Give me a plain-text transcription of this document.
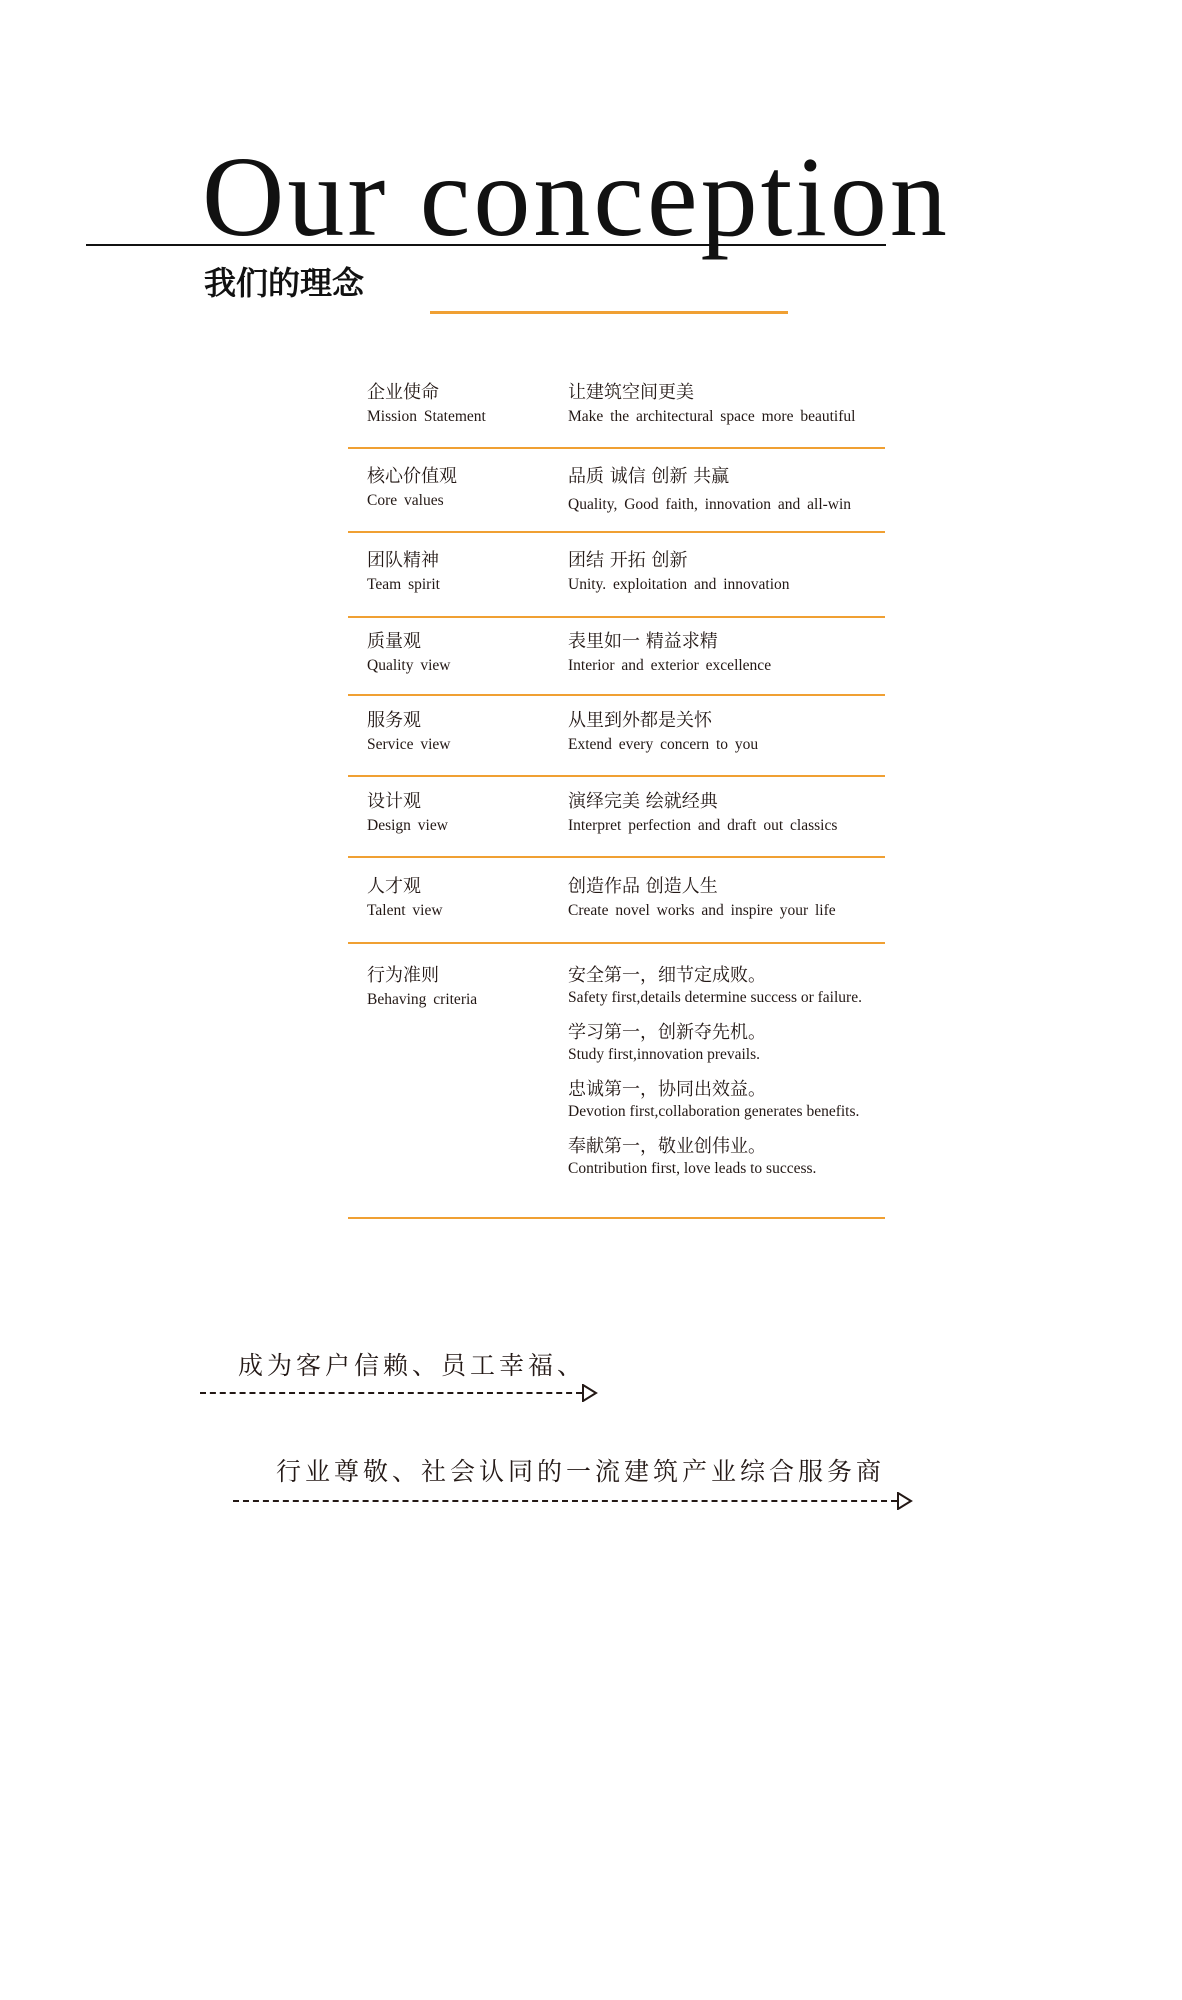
Our conception
我们的理念
企业使命
Mission Statement
让建筑空间更美
Make the architectural space more beautiful
核心价值观
Core values
品质 诚信 创新 共赢
Quality, Good faith, innovation and all-win
团队精神
Team spirit
团结 开拓 创新
Unity. exploitation and innovation
质量观
Quality view
表里如一 精益求精
Interior and exterior excellence
服务观
Service view
从里到外都是关怀
Extend every concern to you
设计观
Design view
演绎完美 绘就经典
Interpret perfection and draft out classics
人才观
Talent view
创造作品 创造人生
Create novel works and inspire your life
行为准则
Behaving criteria
安全第一，细节定成败。
Safety first,details determine success or failure.
学习第一，创新夺先机。
Study first,innovation prevails.
忠诚第一，协同出效益。
Devotion first,collaboration generates benefits.
奉献第一，敬业创伟业。
Contribution first, love leads to success.

成为客户信赖、员工幸福、

行业尊敬、社会认同的一流建筑产业综合服务商
